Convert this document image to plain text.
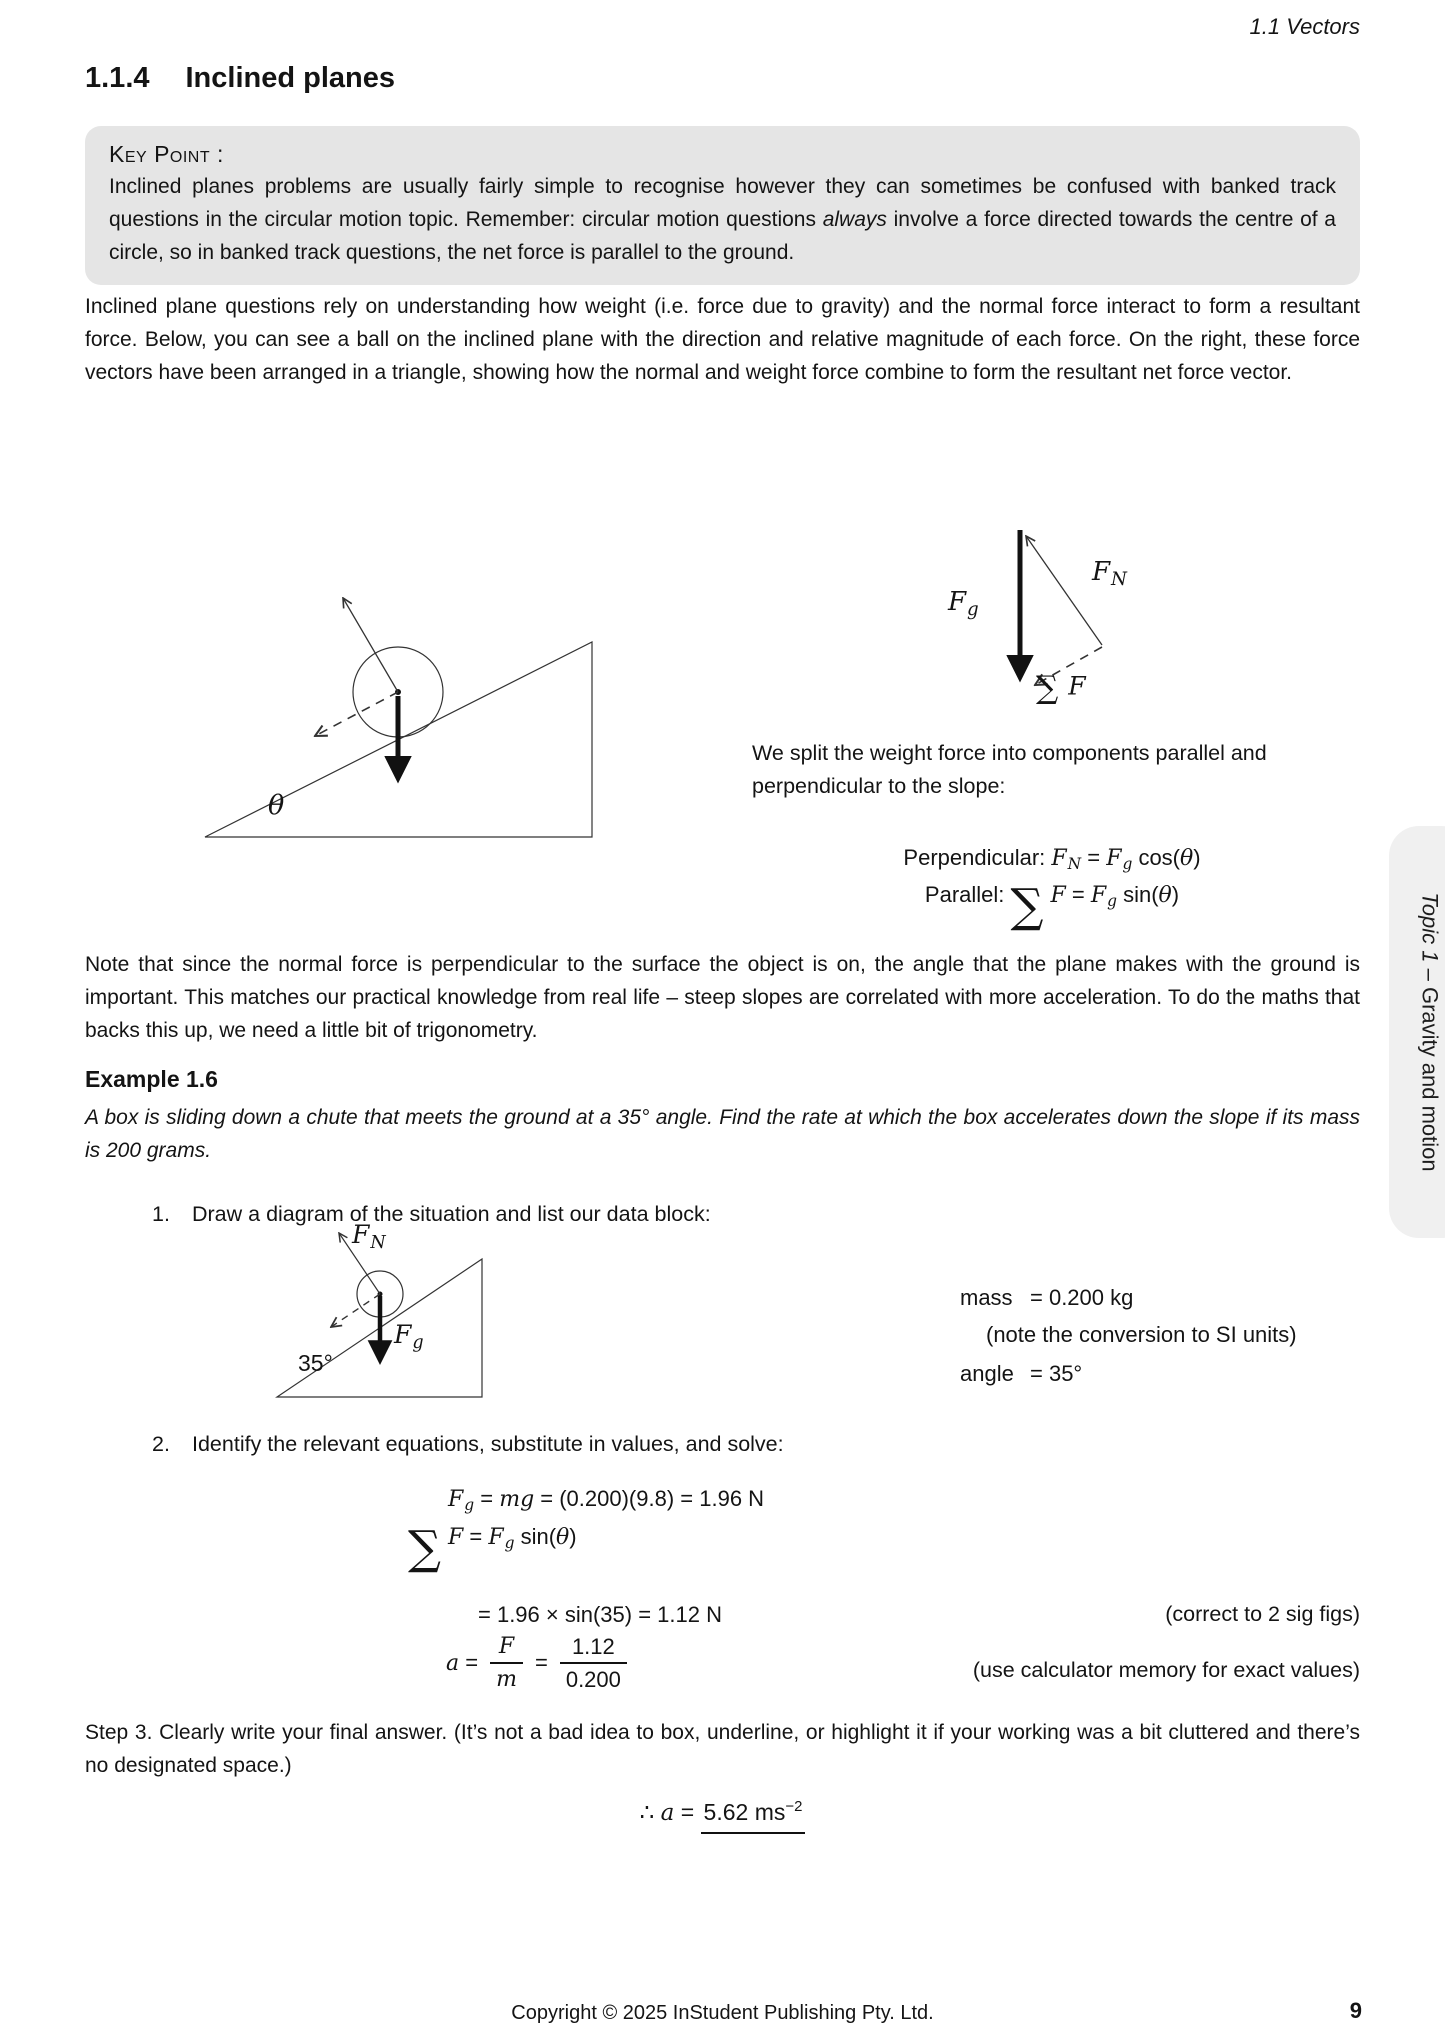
1.1 Vectors
1.1.4 Inclined planes
Key Point :
Inclined planes problems are usually fairly simple to recognise however they can sometimes be confused with banked track questions in the circular motion topic. Remember: circular motion questions always involve a force directed towards the centre of a circle, so in banked track questions, the net force is parallel to the ground.
Inclined plane questions rely on understanding how weight (i.e. force due to gravity) and the normal force interact to form a resultant force. Below, you can see a ball on the inclined plane with the direction and relative magnitude of each force. On the right, these force vectors have been arranged in a triangle, showing how the normal and weight force combine to form the resultant net force vector.
θ
Fg
FN
∑ F
We split the weight force into components parallel and perpendicular to the slope:
Perpendicular: FN = Fg cos(θ)
Parallel: ∑ F = Fg sin(θ)
Note that since the normal force is perpendicular to the surface the object is on, the angle that the plane makes with the ground is important. This matches our practical knowledge from real life – steep slopes are correlated with more acceleration. To do the maths that backs this up, we need a little bit of trigonometry.
Example 1.6
A box is sliding down a chute that meets the ground at a 35° angle. Find the rate at which the box accelerates down the slope if its mass is 200 grams.
1.	Draw a diagram of the situation and list our data block:
FN
Fg
35°
mass = 0.200 kg
(note the conversion to SI units)
angle = 35°
2.	Identify the relevant equations, substitute in values, and solve:
Fg = mg = (0.200)(9.8) = 1.96 N
∑ F = Fg sin(θ)
= 1.96 × sin(35) = 1.12 N	(correct to 2 sig figs)
$a = \frac{F}{m} = \frac{1.12}{0.200}$	(use calculator memory for exact values)
Step 3. Clearly write your final answer. (It’s not a bad idea to box, underline, or highlight it if your working was a bit cluttered and there’s no designated space.)
∴ a = 5.62 $ms^{-2}$
Topic 1 – Gravity and motion
Copyright © 2025 InStudent Publishing Pty. Ltd.	9
